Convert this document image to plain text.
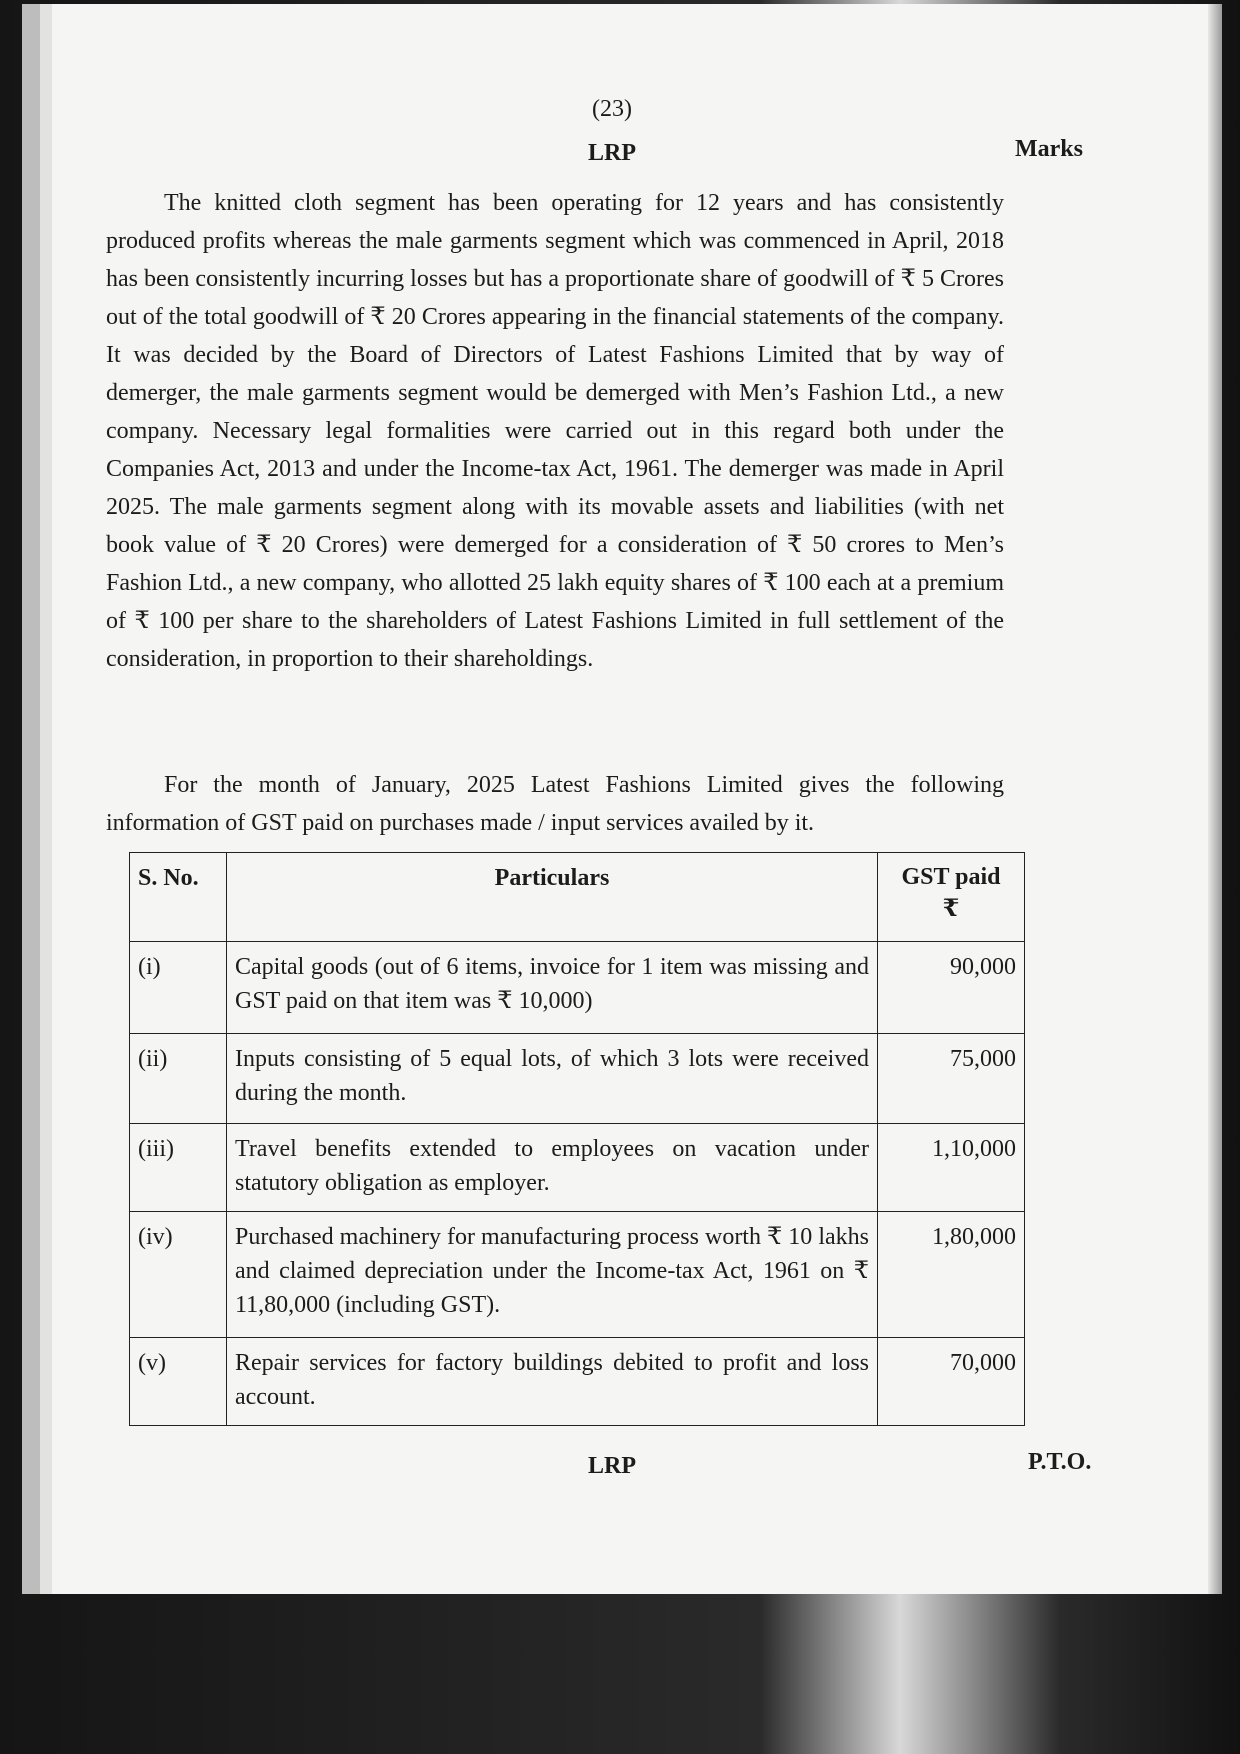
(23)
LRP	Marks

The knitted cloth segment has been operating for 12 years and has consistently produced profits whereas the male garments segment which was commenced in April, 2018 has been consistently incurring losses but has a proportionate share of goodwill of ₹ 5 Crores out of the total goodwill of ₹ 20 Crores appearing in the financial statements of the company. It was decided by the Board of Directors of Latest Fashions Limited that by way of demerger, the male garments segment would be demerged with Men’s Fashion Ltd., a new company. Necessary legal formalities were carried out in this regard both under the Companies Act, 2013 and under the Income-tax Act, 1961. The demerger was made in April 2025. The male garments segment along with its movable assets and liabilities (with net book value of ₹ 20 Crores) were demerged for a consideration of ₹ 50 crores to Men’s Fashion Ltd., a new company, who allotted 25 lakh equity shares of ₹ 100 each at a premium of ₹ 100 per share to the shareholders of Latest Fashions Limited in full settlement of the consideration, in proportion to their shareholdings.

For the month of January, 2025 Latest Fashions Limited gives the following information of GST paid on purchases made / input services availed by it.

S. No.	Particulars	GST paid
₹

(i)	Capital goods (out of 6 items, invoice for 1 item was missing and GST paid on that item was ₹ 10,000)	90,000
(ii)	Inputs consisting of 5 equal lots, of which 3 lots were received during the month.	75,000
(iii)	Travel benefits extended to employees on vacation under statutory obligation as employer.	1,10,000
(iv)	Purchased machinery for manufacturing process worth ₹ 10 lakhs and claimed depreciation under the Income-tax Act, 1961 on ₹ 11,80,000 (including GST).	1,80,000
(v)	Repair services for factory buildings debited to profit and loss account.	70,000
LRP	P.T.O.
